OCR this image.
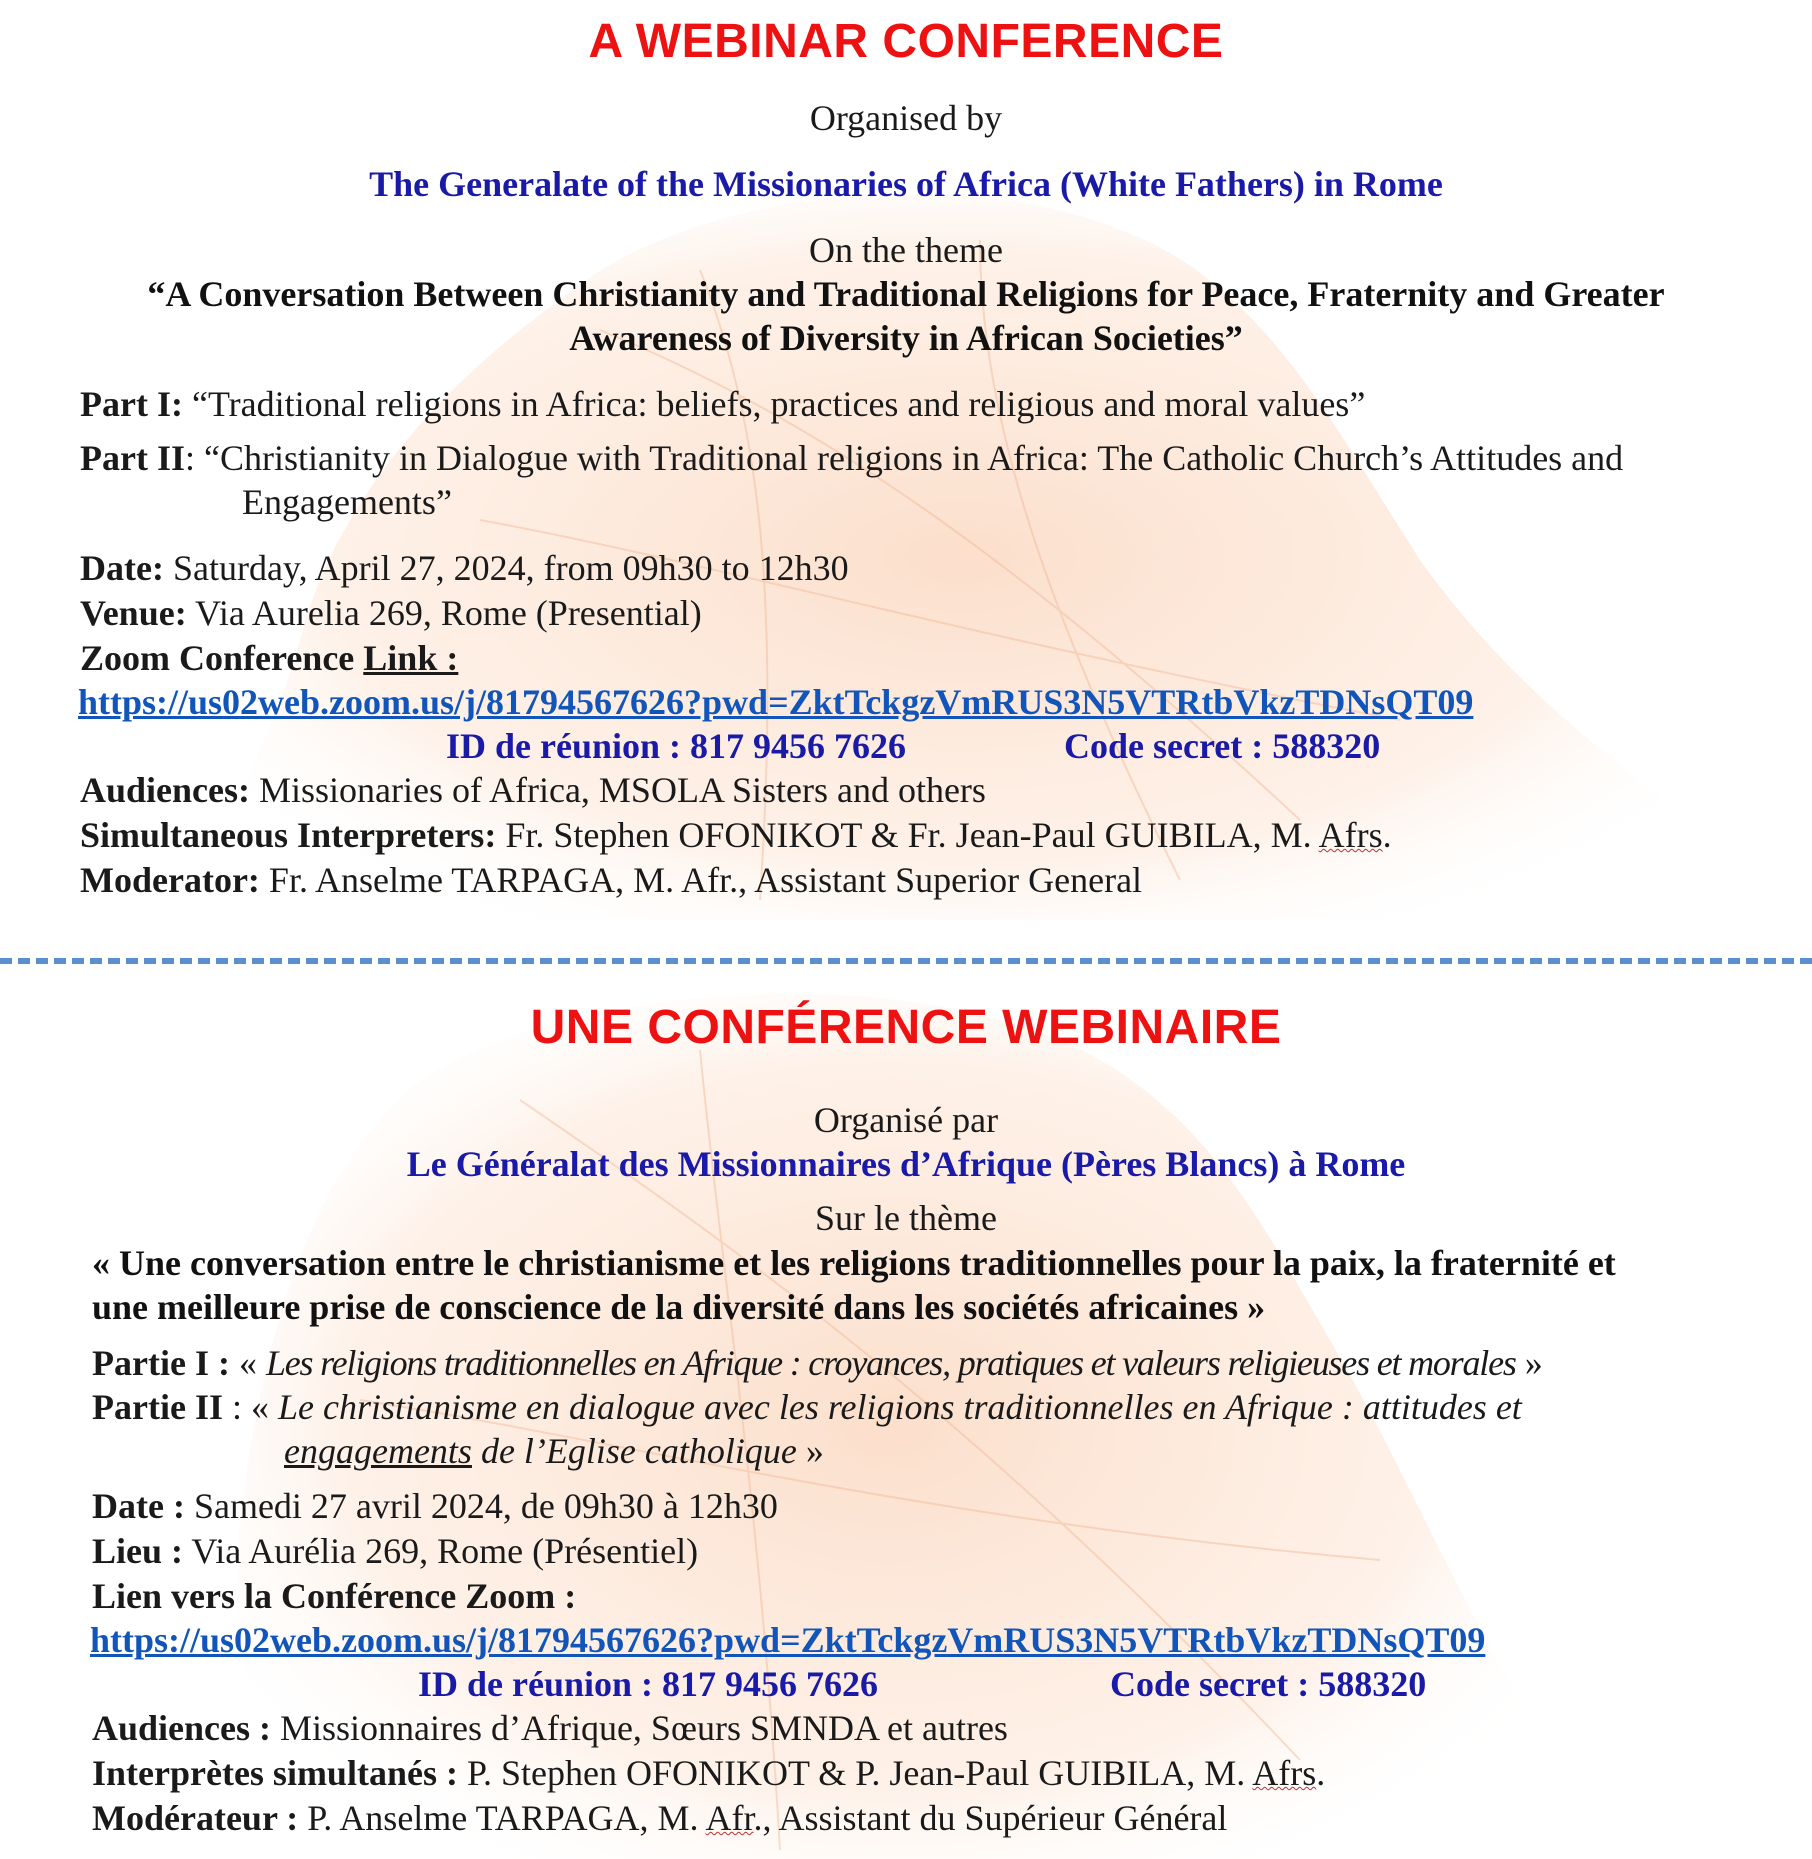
A WEBINAR CONFERENCE
Organised by
The Generalate of the Missionaries of Africa (White Fathers) in Rome
On the theme
“A Conversation Between Christianity and Traditional Religions for Peace, Fraternity and Greater
Awareness of Diversity in African Societies”
Part I: “Traditional religions in Africa: beliefs, practices and religious and moral values”
Part II: “Christianity in Dialogue with Traditional religions in Africa: The Catholic Church’s Attitudes and
Engagements”
Date: Saturday, April 27, 2024, from 09h30 to 12h30
Venue: Via Aurelia 269, Rome (Presential)
Zoom Conference Link :
https://us02web.zoom.us/j/81794567626?pwd=ZktTckgzVmRUS3N5VTRtbVkzTDNsQT09
ID de réunion : 817 9456 7626	Code secret : 588320
Audiences: Missionaries of Africa, MSOLA Sisters and others
Simultaneous Interpreters: Fr. Stephen OFONIKOT & Fr. Jean-Paul GUIBILA, M. Afrs.
Moderator: Fr. Anselme TARPAGA, M. Afr., Assistant Superior General
UNE CONFÉRENCE WEBINAIRE
Organisé par
Le Généralat des Missionnaires d’Afrique (Pères Blancs) à Rome
Sur le thème
« Une conversation entre le christianisme et les religions traditionnelles pour la paix, la fraternité et
une meilleure prise de conscience de la diversité dans les sociétés africaines »
Partie I : « Les religions traditionnelles en Afrique : croyances, pratiques et valeurs religieuses et morales »
Partie II : « Le christianisme en dialogue avec les religions traditionnelles en Afrique : attitudes et
engagements de l’Eglise catholique »
Date : Samedi 27 avril 2024, de 09h30 à 12h30
Lieu : Via Aurélia 269, Rome (Présentiel)
Lien vers la Conférence Zoom :
https://us02web.zoom.us/j/81794567626?pwd=ZktTckgzVmRUS3N5VTRtbVkzTDNsQT09
ID de réunion : 817 9456 7626	Code secret : 588320
Audiences : Missionnaires d’Afrique, Sœurs SMNDA et autres
Interprètes simultanés : P. Stephen OFONIKOT & P. Jean-Paul GUIBILA, M. Afrs.
Modérateur : P. Anselme TARPAGA, M. Afr., Assistant du Supérieur Général
